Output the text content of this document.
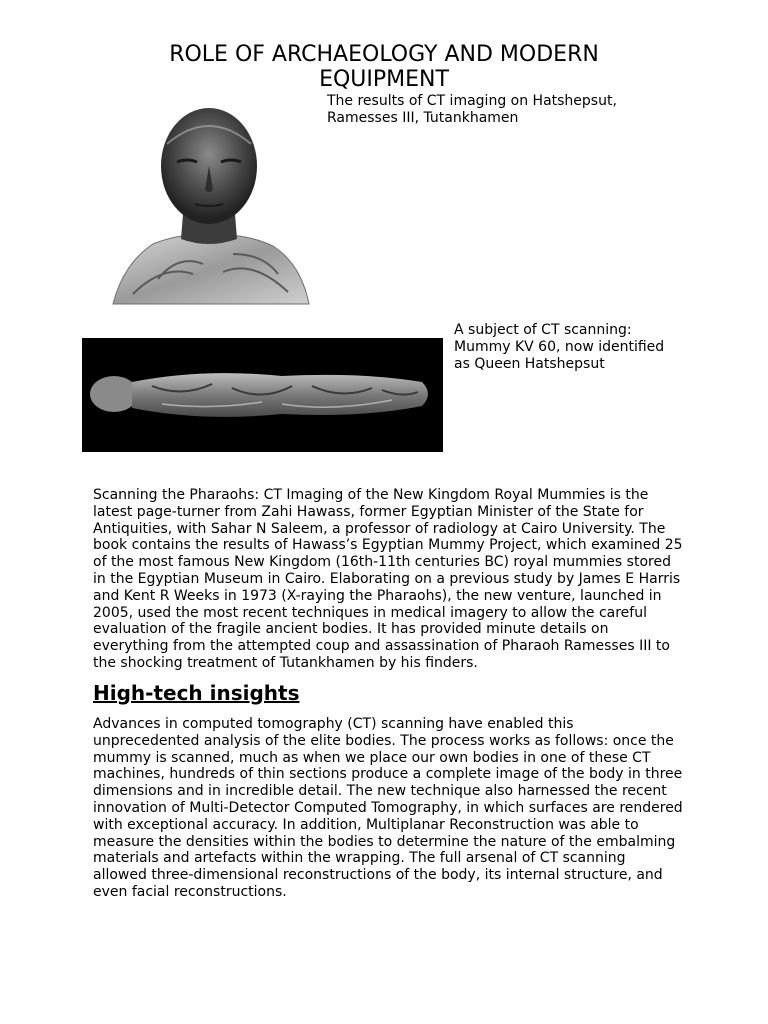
ROLE OF ARCHAEOLOGY AND MODERN EQUIPMENT

The results of CT imaging on Hatshepsut, Ramesses III, Tutankhamen

A subject of CT scanning: Mummy KV 60, now identified as Queen Hatshepsut

Scanning the Pharaohs: CT Imaging of the New Kingdom Royal Mummies is the latest page-turner from Zahi Hawass, former Egyptian Minister of the State for Antiquities, with Sahar N Saleem, a professor of radiology at Cairo University. The book contains the results of Hawass’s Egyptian Mummy Project, which examined 25 of the most famous New Kingdom (16th-11th centuries BC) royal mummies stored in the Egyptian Museum in Cairo. Elaborating on a previous study by James E Harris and Kent R Weeks in 1973 (X-raying the Pharaohs), the new venture, launched in 2005, used the most recent techniques in medical imagery to allow the careful evaluation of the fragile ancient bodies. It has provided minute details on everything from the attempted coup and assassination of Pharaoh Ramesses III to the shocking treatment of Tutankhamen by his finders.

High-tech insights

Advances in computed tomography (CT) scanning have enabled this unprecedented analysis of the elite bodies. The process works as follows: once the mummy is scanned, much as when we place our own bodies in one of these CT machines, hundreds of thin sections produce a complete image of the body in three dimensions and in incredible detail. The new technique also harnessed the recent innovation of Multi-Detector Computed Tomography, in which surfaces are rendered with exceptional accuracy. In addition, Multiplanar Reconstruction was able to measure the densities within the bodies to determine the nature of the embalming materials and artefacts within the wrapping. The full arsenal of CT scanning allowed three-dimensional reconstructions of the body, its internal structure, and even facial reconstructions.
